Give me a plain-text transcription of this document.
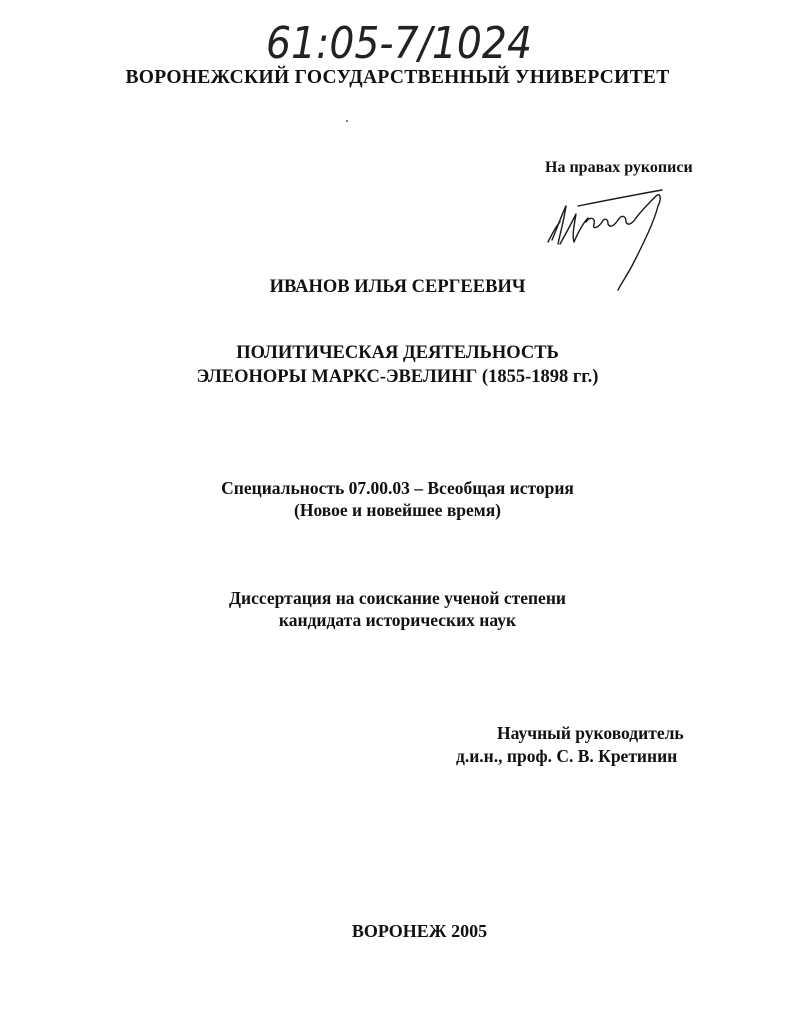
61:05-7/1024
ВОРОНЕЖСКИЙ ГОСУДАРСТВЕННЫЙ УНИВЕРСИТЕТ
На правах рукописи
ИВАНОВ ИЛЬЯ СЕРГЕЕВИЧ
ПОЛИТИЧЕСКАЯ ДЕЯТЕЛЬНОСТЬ
ЭЛЕОНОРЫ МАРКС-ЭВЕЛИНГ (1855-1898 гг.)
Специальность 07.00.03 – Всеобщая история
(Новое и новейшее время)
Диссертация на соискание ученой степени
кандидата исторических наук
Научный руководитель
д.и.н., проф. С. В. Кретинин
ВОРОНЕЖ 2005
